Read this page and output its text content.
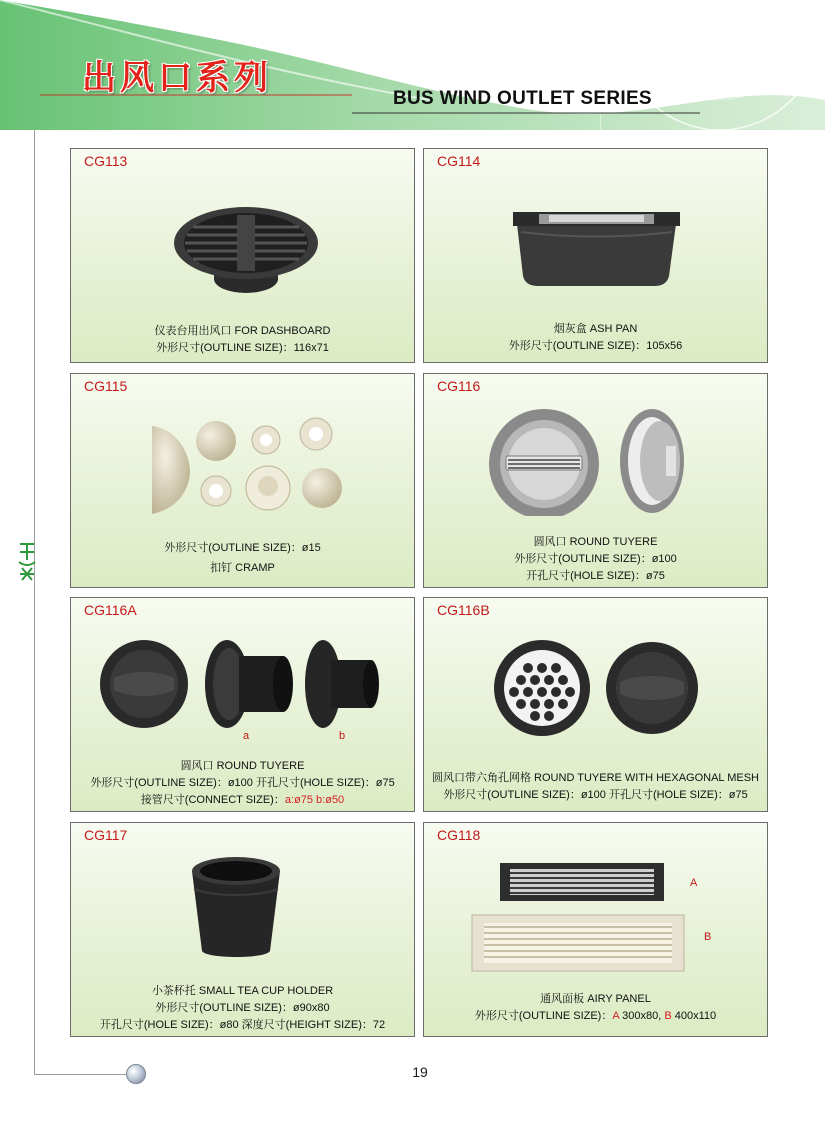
出风口系列
BUS WIND OUTLET SERIES
19
CG113
仪表台用出风口 FOR DASHBOARD
外形尺寸(OUTLINE SIZE)：116x71
CG114
烟灰盒 ASH PAN
外形尺寸(OUTLINE SIZE)：105x56
CG115
外形尺寸(OUTLINE SIZE)：ø15
扣钉 CRAMP
CG116
圆风口 ROUND TUYERE
外形尺寸(OUTLINE SIZE)：ø100
开孔尺寸(HOLE SIZE)：ø75
CG116A
a	b
圆风口 ROUND TUYERE
外形尺寸(OUTLINE SIZE)：ø100 开孔尺寸(HOLE SIZE)：ø75
接管尺寸(CONNECT SIZE)：a:ø75 b:ø50
CG116B
圆风口带六角孔网格 ROUND TUYERE WITH HEXAGONAL MESH
外形尺寸(OUTLINE SIZE)：ø100 开孔尺寸(HOLE SIZE)：ø75
CG117
小茶杯托 SMALL TEA CUP HOLDER
外形尺寸(OUTLINE SIZE)：ø90x80
开孔尺寸(HOLE SIZE)：ø80 深度尺寸(HEIGHT SIZE)：72
CG118
A
B
通风面板 AIRY PANEL
外形尺寸(OUTLINE SIZE)：A 300x80, B 400x110
